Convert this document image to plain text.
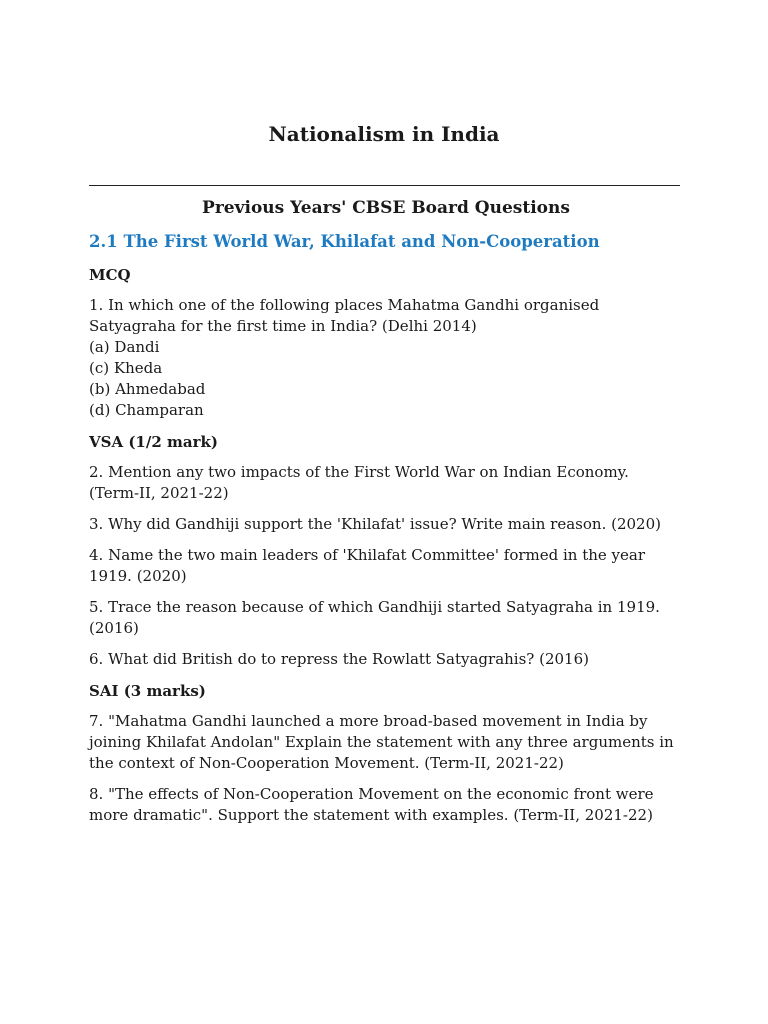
Nationalism in India
Previous Years' CBSE Board Questions
2.1 The First World War, Khilafat and Non-Cooperation
MCQ

1. In which one of the following places Mahatma Gandhi organised Satyagraha for the first time in India? (Delhi 2014)

(a) Dandi
(c) Kheda
(b) Ahmedabad
(d) Champaran
VSA (1/2 mark)

2. Mention any two impacts of the First World War on Indian Economy. (Term-II, 2021-22)

3. Why did Gandhiji support the 'Khilafat' issue? Write main reason. (2020)

4. Name the two main leaders of 'Khilafat Committee' formed in the year 1919. (2020)

5. Trace the reason because of which Gandhiji started Satyagraha in 1919. (2016)

6. What did British do to repress the Rowlatt Satyagrahis? (2016)

SAI (3 marks)

7. "Mahatma Gandhi launched a more broad-based movement in India by joining Khilafat Andolan" Explain the statement with any three arguments in the context of Non-Cooperation Movement. (Term-II, 2021-22)

8. "The effects of Non-Cooperation Movement on the economic front were more dramatic". Support the statement with examples. (Term-II, 2021-22)
